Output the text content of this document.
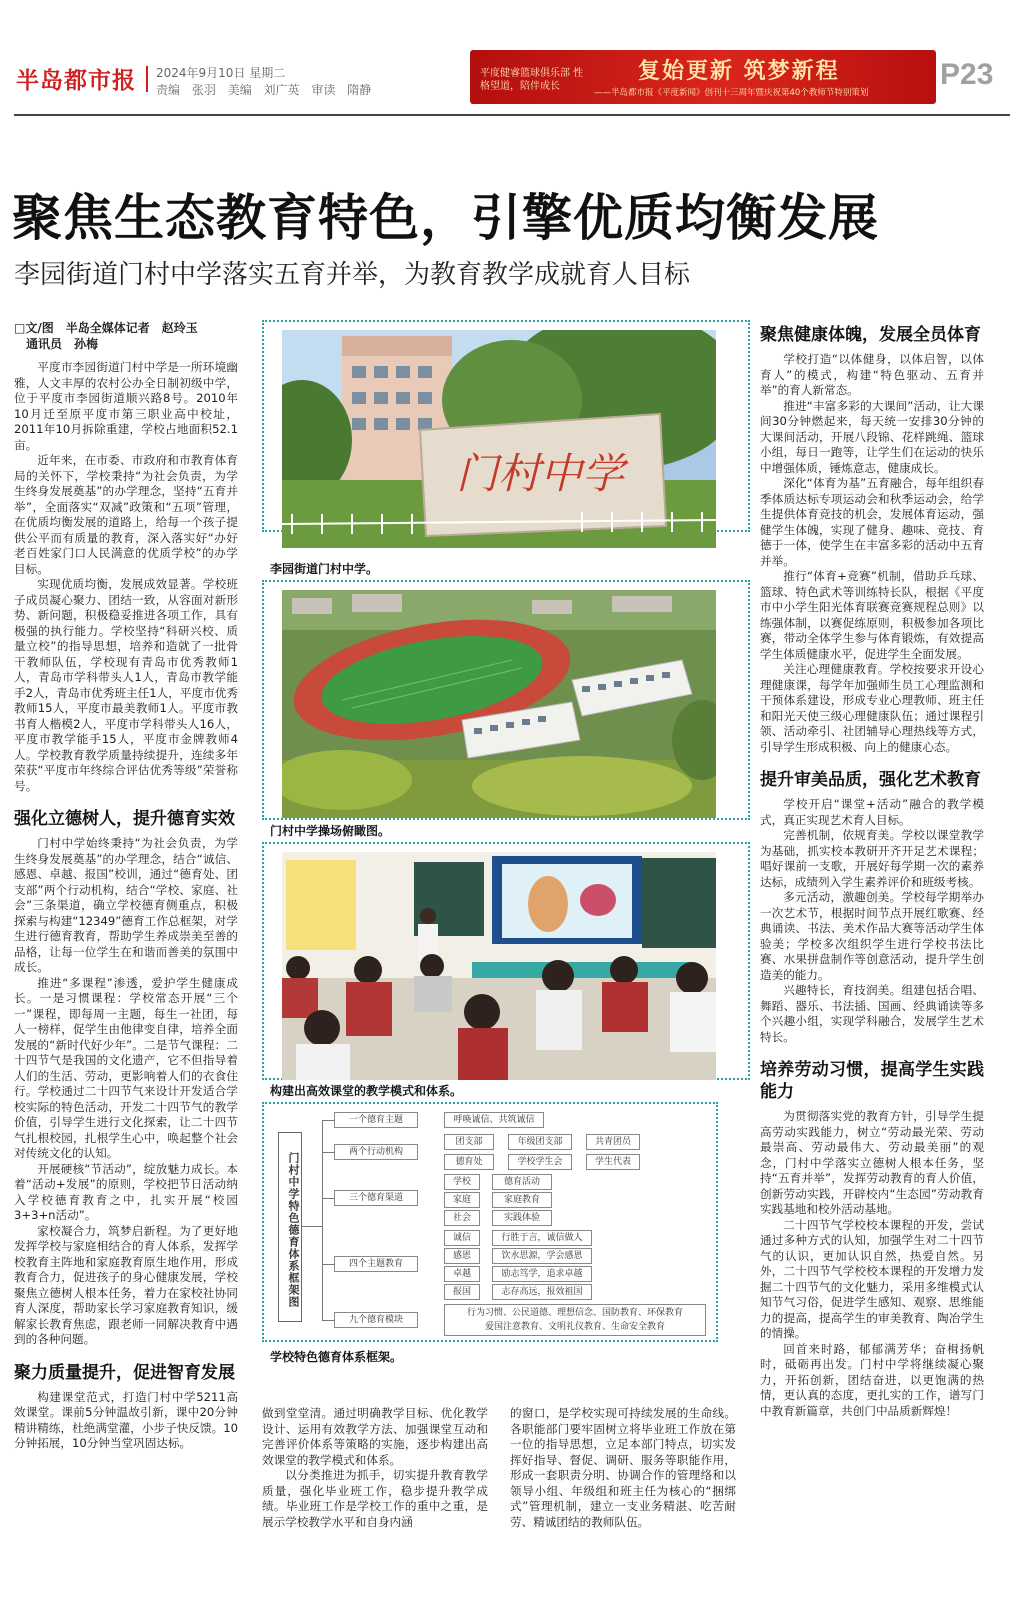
半岛都市报 2024年9月10日 星期二
责编 张羽 美编 刘广英 审读 隋静
平度健睿篮球俱乐部 性格望道，陪伴成长
复始更新 筑梦新程
——半岛都市报《平度新闻》创刊十三周年暨庆祝第40个教师节特别策划
P23
聚焦生态教育特色，引擎优质均衡发展
李园街道门村中学落实五育并举，为教育教学成就育人目标
□文/图　半岛全媒体记者　赵玲玉
通讯员　孙梅

平度市李园街道门村中学是一所环境幽雅，人文丰厚的农村公办全日制初级中学，位于平度市李园街道顺兴路8号。2010年10月迁至原平度市第三职业高中校址，2011年10月拆除重建，学校占地面积52.1亩。

近年来，在市委、市政府和市教育体育局的关怀下，学校秉持“为社会负责，为学生终身发展奠基”的办学理念，坚持“五育并举”，全面落实“双减”政策和“五项”管理，在优质均衡发展的道路上，给每一个孩子提供公平而有质量的教育，深入落实好“办好老百姓家门口人民满意的优质学校”的办学目标。

实现优质均衡，发展成效显著。学校班子成员凝心聚力、团结一致，从容面对新形势、新问题，积极稳妥推进各项工作，具有极强的执行能力。学校坚持“科研兴校、质量立校”的指导思想，培养和造就了一批骨干教师队伍，学校现有青岛市优秀教师1人，青岛市学科带头人1人，青岛市教学能手2人，青岛市优秀班主任1人，平度市优秀教师15人，平度市最美教师1人。平度市教书育人楷模2人，平度市学科带头人16人，平度市教学能手15人，平度市金牌教师4人。学校教育教学质量持续提升，连续多年荣获“平度市年终综合评估优秀等级”荣誉称号。

强化立德树人，提升德育实效

门村中学始终秉持“为社会负责，为学生终身发展奠基”的办学理念，结合“诚信、感恩、卓越、报国”校训，通过“德育处、团支部”两个行动机构，结合“学校、家庭、社会”三条渠道，确立学校德育侧重点，积极探索与构建“12349”德育工作总框架，对学生进行德育教育，帮助学生养成崇美至善的品格，让每一位学生在和谐而善美的氛围中成长。

推进“多课程”渗透，爱护学生健康成长。一是习惯课程：学校常态开展“三个一”课程，即每周一主题，每生一社团，每人一榜样，促学生由他律变自律，培养全面发展的“新时代好少年”。二是节气课程：二十四节气是我国的文化遗产，它不但指导着人们的生活、劳动，更影响着人们的衣食住行。学校通过二十四节气来设计开发适合学校实际的特色活动，开发二十四节气的教学价值，引导学生进行文化探索，让二十四节气扎根校园，扎根学生心中，唤起整个社会对传统文化的认知。

开展硬核“节活动”，绽放魅力成长。本着“活动+发展”的原则，学校把节日活动纳入学校德育教育之中，扎实开展“校园3+3+n活动”。

家校凝合力，筑梦启新程。为了更好地发挥学校与家庭相结合的育人体系，发挥学校教育主阵地和家庭教育原生地作用，形成教育合力，促进孩子的身心健康发展，学校聚焦立德树人根本任务，着力在家校社协同育人深度，帮助家长学习家庭教育知识，缓解家长教育焦虑，跟老师一同解决教育中遇到的各种问题。

聚力质量提升，促进智育发展

构建课堂范式，打造门村中学5211高效课堂。课前5分钟温故引新，课中20分钟精讲精练，杜绝满堂灌，小步子快反馈。10分钟拓展，10分钟当堂巩固达标。

门村中学
李园街道门村中学。
门村中学操场俯瞰图。
构建出高效课堂的教学模式和体系。
门村中学特色德育体系框架图
一个德育主题	呼唤诚信、共筑诚信
两个行动机构
团支部	年级团支部	共青团员
德育处	学校学生会	学生代表
三个德育渠道
学校	德育活动
家庭	家庭教育
社会	实践体验
四个主题教育
诚信	行胜于言，诚信做人
感恩	饮水思源，学会感恩
卓越	励志笃学，追求卓越
报国	志存高远，报效祖国
九个德育模块
行为习惯、公民道德、理想信念、国防教育、环保教育
爱国注意教育、文明礼仪教育、生命安全教育
学校特色德育体系框架。

做到堂堂清。通过明确教学目标、优化教学设计、运用有效教学方法、加强课堂互动和完善评价体系等策略的实施，逐步构建出高效课堂的教学模式和体系。

以分类推进为抓手，切实提升教育教学质量，强化毕业班工作，稳步提升教学成绩。毕业班工作是学校工作的重中之重，是展示学校教学水平和自身内涵

的窗口，是学校实现可持续发展的生命线。各职能部门要牢固树立将毕业班工作放在第一位的指导思想，立足本部门特点，切实发挥好指导、督促、调研、服务等职能作用，形成一套职责分明、协调合作的管理络和以领导小组、年级组和班主任为核心的“捆绑式”管理机制，建立一支业务精湛、吃苦耐劳、精诚团结的教师队伍。

聚焦健康体魄，发展全员体育

学校打造“以体健身，以体启智，以体育人”的模式，构建“特色驱动、五育并举”的育人新常态。

推进“丰富多彩的大课间”活动，让大课间30分钟燃起来，每天统一安排30分钟的大课间活动，开展八段锦、花样跳绳、篮球小组，每日一跑等，让学生们在运动的快乐中增强体质，锤炼意志，健康成长。

深化“体育为基”五育融合，每年组织春季体质达标专项运动会和秋季运动会，给学生提供体育竞技的机会，发展体育运动，强健学生体魄，实现了健身、趣味、竞技、育德于一体，使学生在丰富多彩的活动中五育并举。

推行“体育+竞赛”机制，借助乒乓球、篮球、特色武术等训练特长队，根据《平度市中小学生阳光体育联赛竞赛规程总则》以练强体制，以赛促练原则，积极参加各项比赛，带动全体学生参与体育锻炼，有效提高学生体质健康水平，促进学生全面发展。

关注心理健康教育。学校按要求开设心理健康课，每学年加强师生员工心理监测和干预体系建设，形成专业心理教师、班主任和阳光天使三级心理健康队伍；通过课程引领、活动牵引、社团辅导心理热线等方式，引导学生形成积极、向上的健康心态。

提升审美品质，强化艺术教育

学校开启“课堂+活动”融合的教学模式，真正实现艺术育人目标。

完善机制，依规育美。学校以课堂教学为基础，抓实校本教研开齐开足艺术课程；唱好课前一支歌，开展好每学期一次的素养达标，成绩列入学生素养评价和班级考核。

多元活动，激趣创美。学校每学期举办一次艺术节，根据时间节点开展红歌赛、经典诵读、书法、美术作品大赛等活动学生体验美；学校多次组织学生进行学校书法比赛、水果拼盘制作等创意活动，提升学生创造美的能力。

兴趣特长，育技润美。组建包括合唱、舞蹈、器乐、书法插、国画、经典诵读等多个兴趣小组，实现学科融合，发展学生艺术特长。

培养劳动习惯，提高学生实践能力

为贯彻落实党的教育方针，引导学生提高劳动实践能力，树立“劳动最光荣、劳动最崇高、劳动最伟大、劳动最美丽”的观念，门村中学落实立德树人根本任务，坚持“五育并举”，发挥劳动教育的育人价值，创新劳动实践，开辟校内“生态园”劳动教育实践基地和校外活动基地。

二十四节气学校校本课程的开发，尝试通过多种方式的认知，加强学生对二十四节气的认识，更加认识自然，热爱自然。另外，二十四节气学校校本课程的开发增力发掘二十四节气的文化魅力，采用多维模式认知节气习俗，促进学生感知、观察、思维能力的提高，提高学生的审美教育、陶冶学生的情操。

回首来时路，郁郁满芳华；奋楫扬帆时，砥砺再出发。门村中学将继续凝心聚力，开拓创新，团结奋进，以更饱满的热情，更认真的态度，更扎实的工作，谱写门中教育新篇章，共创门中品质新辉煌！
